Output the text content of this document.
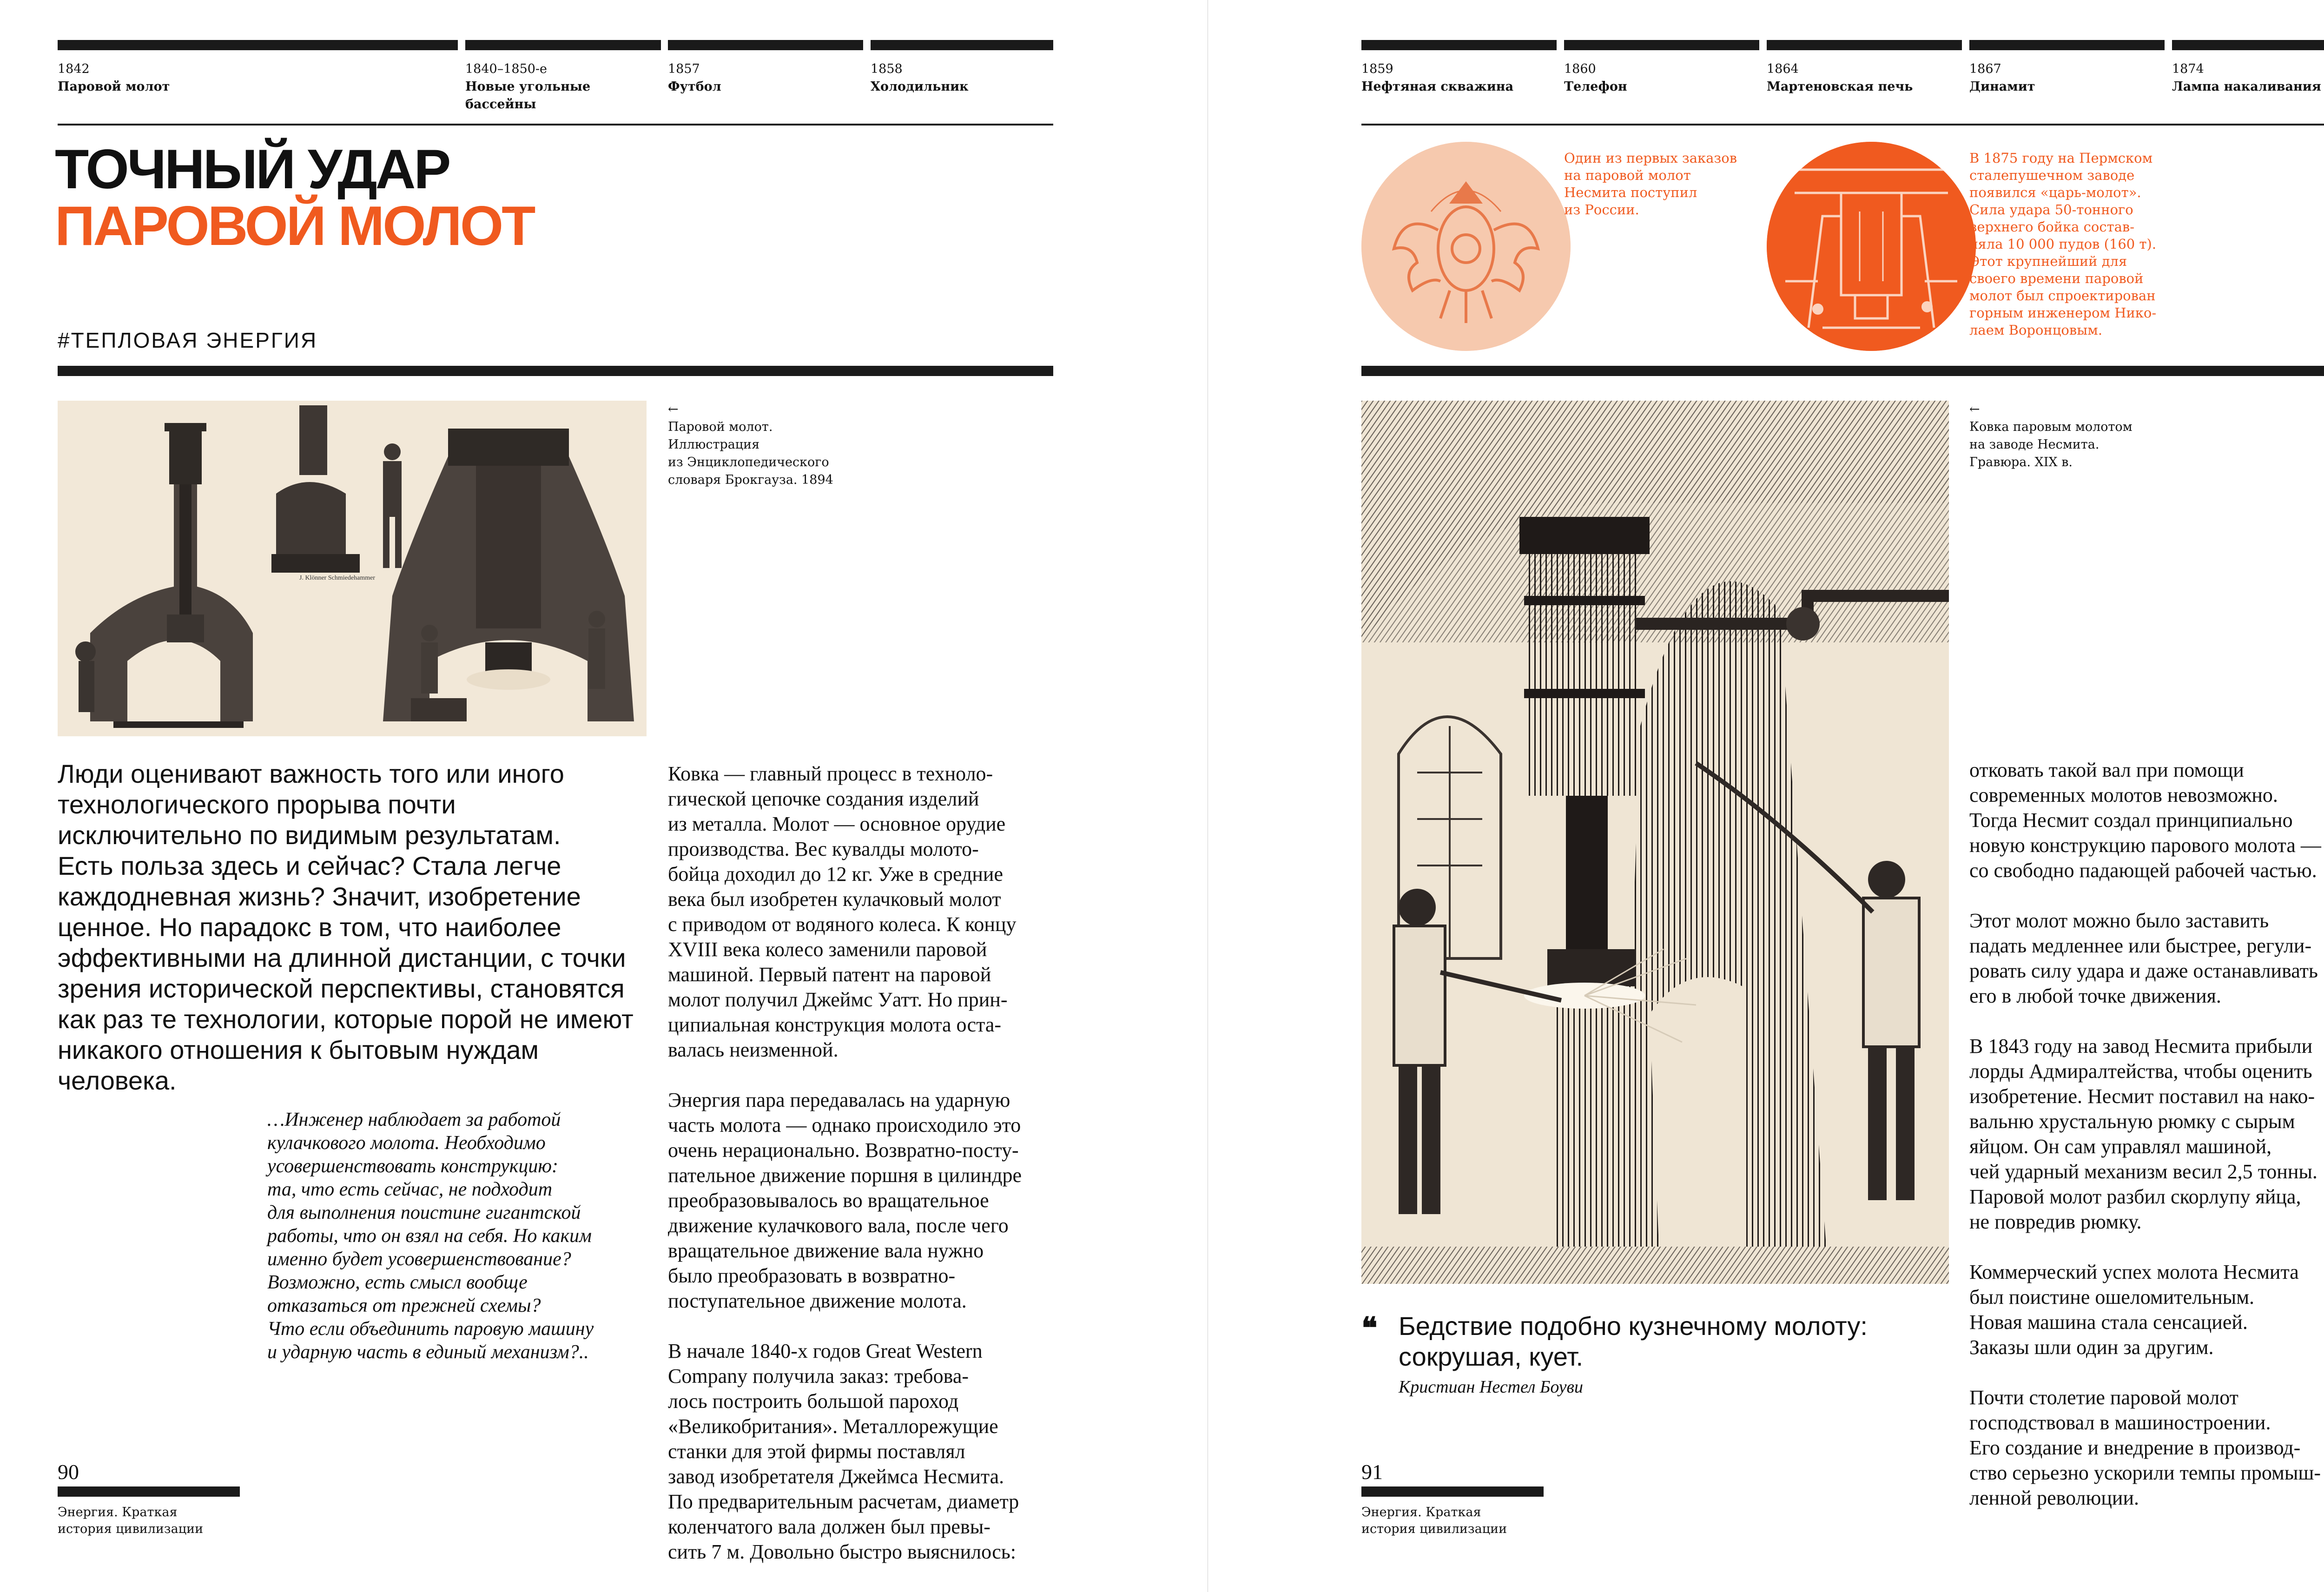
1842
Паровой молот
1840–1850-е
Новые угольные бассейны
1857
Футбол
1858
Холодильник
ТОЧНЫЙ УДАР
ПАРОВОЙ МОЛОТ
#ТЕПЛОВАЯ ЭНЕРГИЯ
J. Klönner Schmiedehammer

←

Паровой молот.

Иллюстрация

из Энциклопедического

словаря Брокгауза. 1894

Люди оценивают важность того или иного

технологического прорыва почти

исключительно по видимым результатам.

Есть польза здесь и сейчас? Стала легче

каждодневная жизнь? Значит, изобретение

ценное. Но парадокс в том, что наиболее

эффективными на длинной дистанции, с точки

зрения исторической перспективы, становятся

как раз те технологии, которые порой не имеют

никакого отношения к бытовым нуждам

человека.

…Инженер наблюдает за работой

кулачкового молота. Необходимо

усовершенствовать конструкцию:

та, что есть сейчас, не подходит

для выполнения поистине гигантской

работы, что он взял на себя. Но каким

именно будет усовершенствование?

Возможно, есть смысл вообще

отказаться от прежней схемы?

Что если объединить паровую машину

и ударную часть в единый механизм?..

Ковка — главный процесс в техноло-

гической цепочке создания изделий

из металла. Молот — основное орудие

производства. Вес кувалды молото-

бойца доходил до 12 кг. Уже в средние

века был изобретен кулачковый молот

с приводом от водяного колеса. К концу

XVIII века колесо заменили паровой

машиной. Первый патент на паровой

молот получил Джеймс Уатт. Но прин-

ципиальная конструкция молота оста-

валась неизменной.

Энергия пара передавалась на ударную

часть молота — однако происходило это

очень нерационально. Возвратно-посту-

пательное движение поршня в цилиндре

преобразовывалось во вращательное

движение кулачкового вала, после чего

вращательное движение вала нужно

было преобразовать в возвратно-

поступательное движение молота.

В начале 1840-х годов Great Western

Company получила заказ: требова-

лось построить большой пароход

«Великобритания». Металлорежущие

станки для этой фирмы поставлял

завод изобретателя Джеймса Несмита.

По предварительным расчетам, диаметр

коленчатого вала должен был превы-

сить 7 м. Довольно быстро выяснилось:

90

Энергия. Краткая

история цивилизации

1859
Нефтяная скважина
1860
Телефон
1864
Мартеновская печь
1867
Динамит
1874
Лампа накаливания

Один из первых заказов

на паровой молот

Несмита поступил

из России.

В 1875 году на Пермском

сталепушечном заводе

появился «царь-молот».

Сила удара 50-тонного

верхнего бойка состав-

ляла 10 000 пудов (160 т).

Этот крупнейший для

своего времени паровой

молот был спроектирован

горным инженером Нико-

лаем Воронцовым.

←

Ковка паровым молотом

на заводе Несмита.

Гравюра. XIX в.

❝ Бедствие подобно кузнечному молоту:

сокрушая, кует.

Кристиан Нестел Боуви

отковать такой вал при помощи

современных молотов невозможно.

Тогда Несмит создал принципиально

новую конструкцию парового молота —

со свободно падающей рабочей частью.

Этот молот можно было заставить

падать медленнее или быстрее, регули-

ровать силу удара и даже останавливать

его в любой точке движения.

В 1843 году на завод Несмита прибыли

лорды Адмиралтейства, чтобы оценить

изобретение. Несмит поставил на нако-

вальню хрустальную рюмку с сырым

яйцом. Он сам управлял машиной,

чей ударный механизм весил 2,5 тонны.

Паровой молот разбил скорлупу яйца,

не повредив рюмку.

Коммерческий успех молота Несмита

был поистине ошеломительным.

Новая машина стала сенсацией.

Заказы шли один за другим.

Почти столетие паровой молот

господствовал в машиностроении.

Его создание и внедрение в производ-

ство серьезно ускорили темпы промыш-

ленной революции.

91

Энергия. Краткая

история цивилизации
